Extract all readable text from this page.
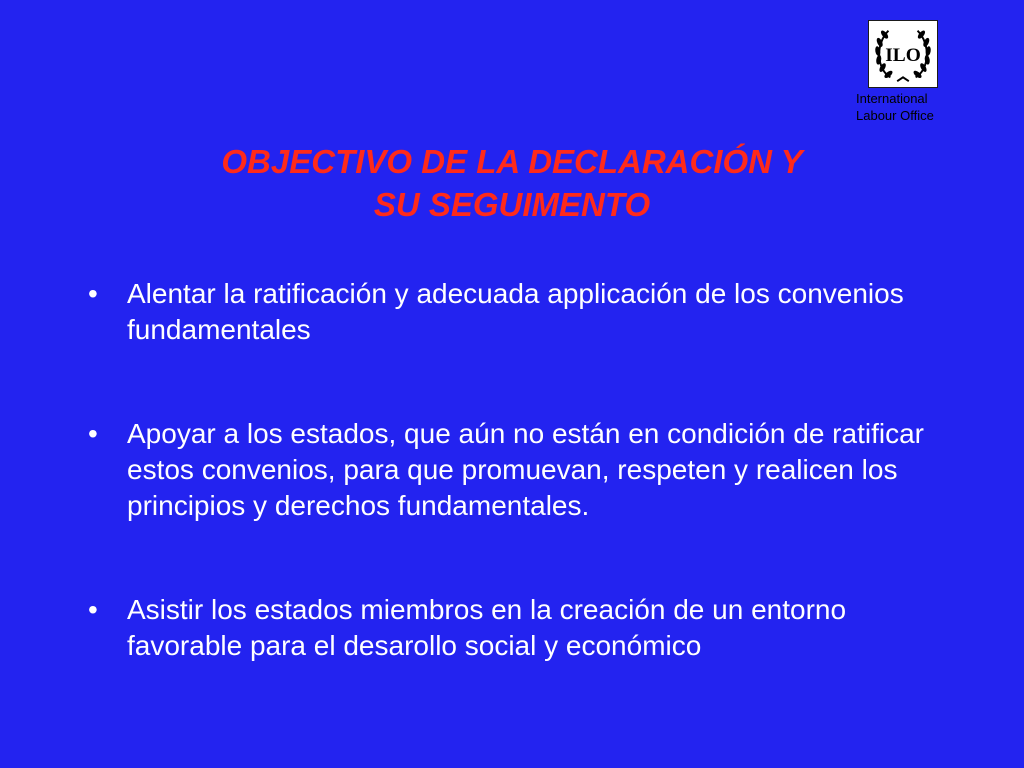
ILO
International
Labour Office
OBJECTIVO DE LA DECLARACIÓN Y
SU SEGUIMENTO
• Alentar la ratificación y adecuada applicación de los convenios fundamentales
• Apoyar a los estados, que aún no están en condición de ratificar estos convenios, para que promuevan, respeten y realicen los principios y derechos fundamentales.
• Asistir los estados miembros en la creación de un entorno favorable para el desarollo social y económico
